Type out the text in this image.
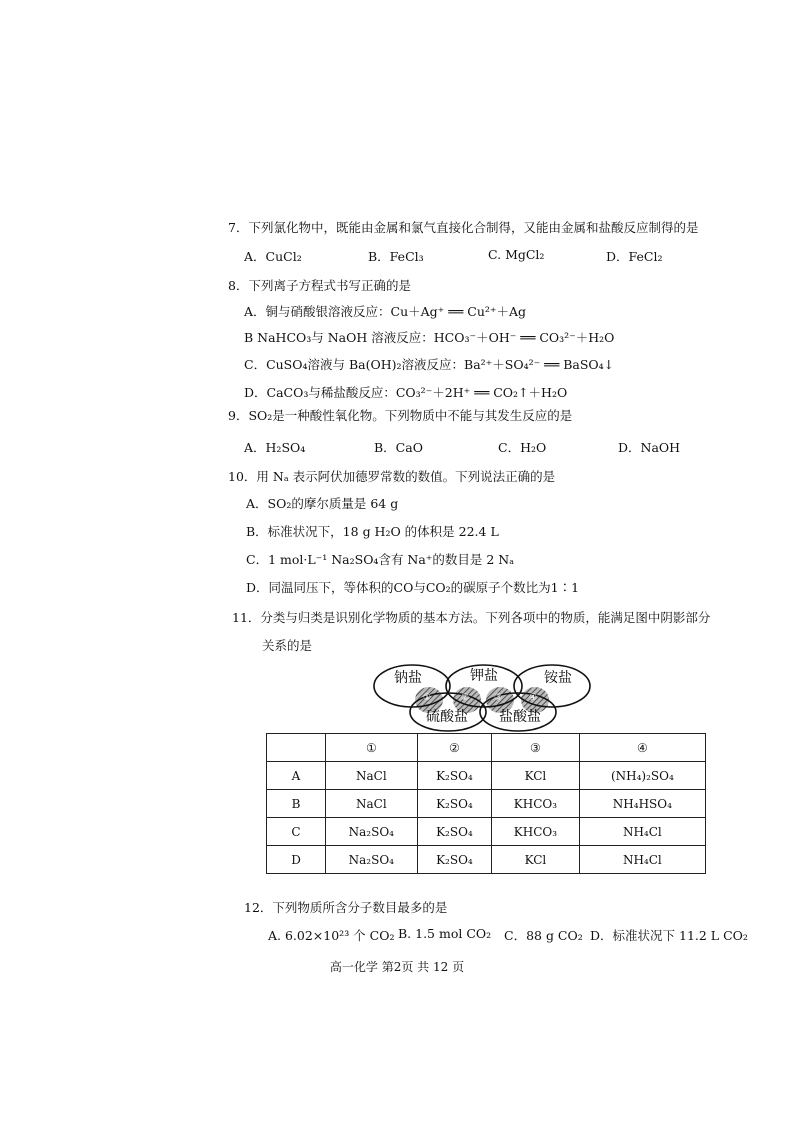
7．下列氯化物中，既能由金属和氯气直接化合制得，又能由金属和盐酸反应制得的是
A．CuCl₂	B．FeCl₃	C. MgCl₂	D．FeCl₂
8．下列离子方程式书写正确的是
A．铜与硝酸银溶液反应：Cu＋Ag⁺ ══ Cu²⁺＋Ag
B NaHCO₃与 NaOH 溶液反应：HCO₃⁻＋OH⁻ ══ CO₃²⁻＋H₂O
C．CuSO₄溶液与 Ba(OH)₂溶液反应：Ba²⁺＋SO₄²⁻ ══ BaSO₄↓
D．CaCO₃与稀盐酸反应：CO₃²⁻＋2H⁺ ══ CO₂↑＋H₂O
9．SO₂是一种酸性氧化物。下列物质中不能与其发生反应的是
A．H₂SO₄	B．CaO	C．H₂O	D．NaOH
10．用 Nₐ 表示阿伏加德罗常数的数值。下列说法正确的是
A．SO₂的摩尔质量是 64 g
B．标准状况下，18 g H₂O 的体积是 22.4 L
C．1 mol·L⁻¹ Na₂SO₄含有 Na⁺的数目是 2 Nₐ
D．同温同压下，等体积的CO与CO₂的碳原子个数比为1∶1
11．分类与归类是识别化学物质的基本方法。下列各项中的物质，能满足图中阴影部分
关系的是
钠盐	钾盐	铵盐
硫酸盐 盐酸盐
①	②	③	④
	①	②	③	④
A	NaCl	K₂SO₄	KCl	(NH₄)₂SO₄
B	NaCl	K₂SO₄	KHCO₃	NH₄HSO₄
C	Na₂SO₄	K₂SO₄	KHCO₃	NH₄Cl
D	Na₂SO₄	K₂SO₄	KCl	NH₄Cl
12．下列物质所含分子数目最多的是
A. 6.02×10²³ 个 CO₂ B. 1.5 mol CO₂	C．88 g CO₂ D．标准状况下 11.2 L CO₂
高一化学 第2页 共 12 页
